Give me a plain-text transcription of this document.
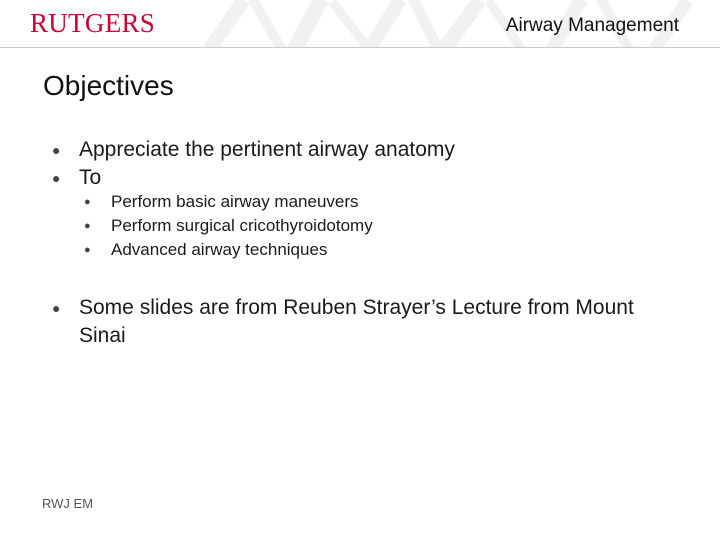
RUTGERS	Airway Management
Objectives
● Appreciate the pertinent airway anatomy
● To
● Some slides are from Reuben Strayer’s Lecture from Mount Sinai
● Perform basic airway maneuvers
● Perform surgical cricothyroidotomy
● Advanced airway techniques
RWJ EM
